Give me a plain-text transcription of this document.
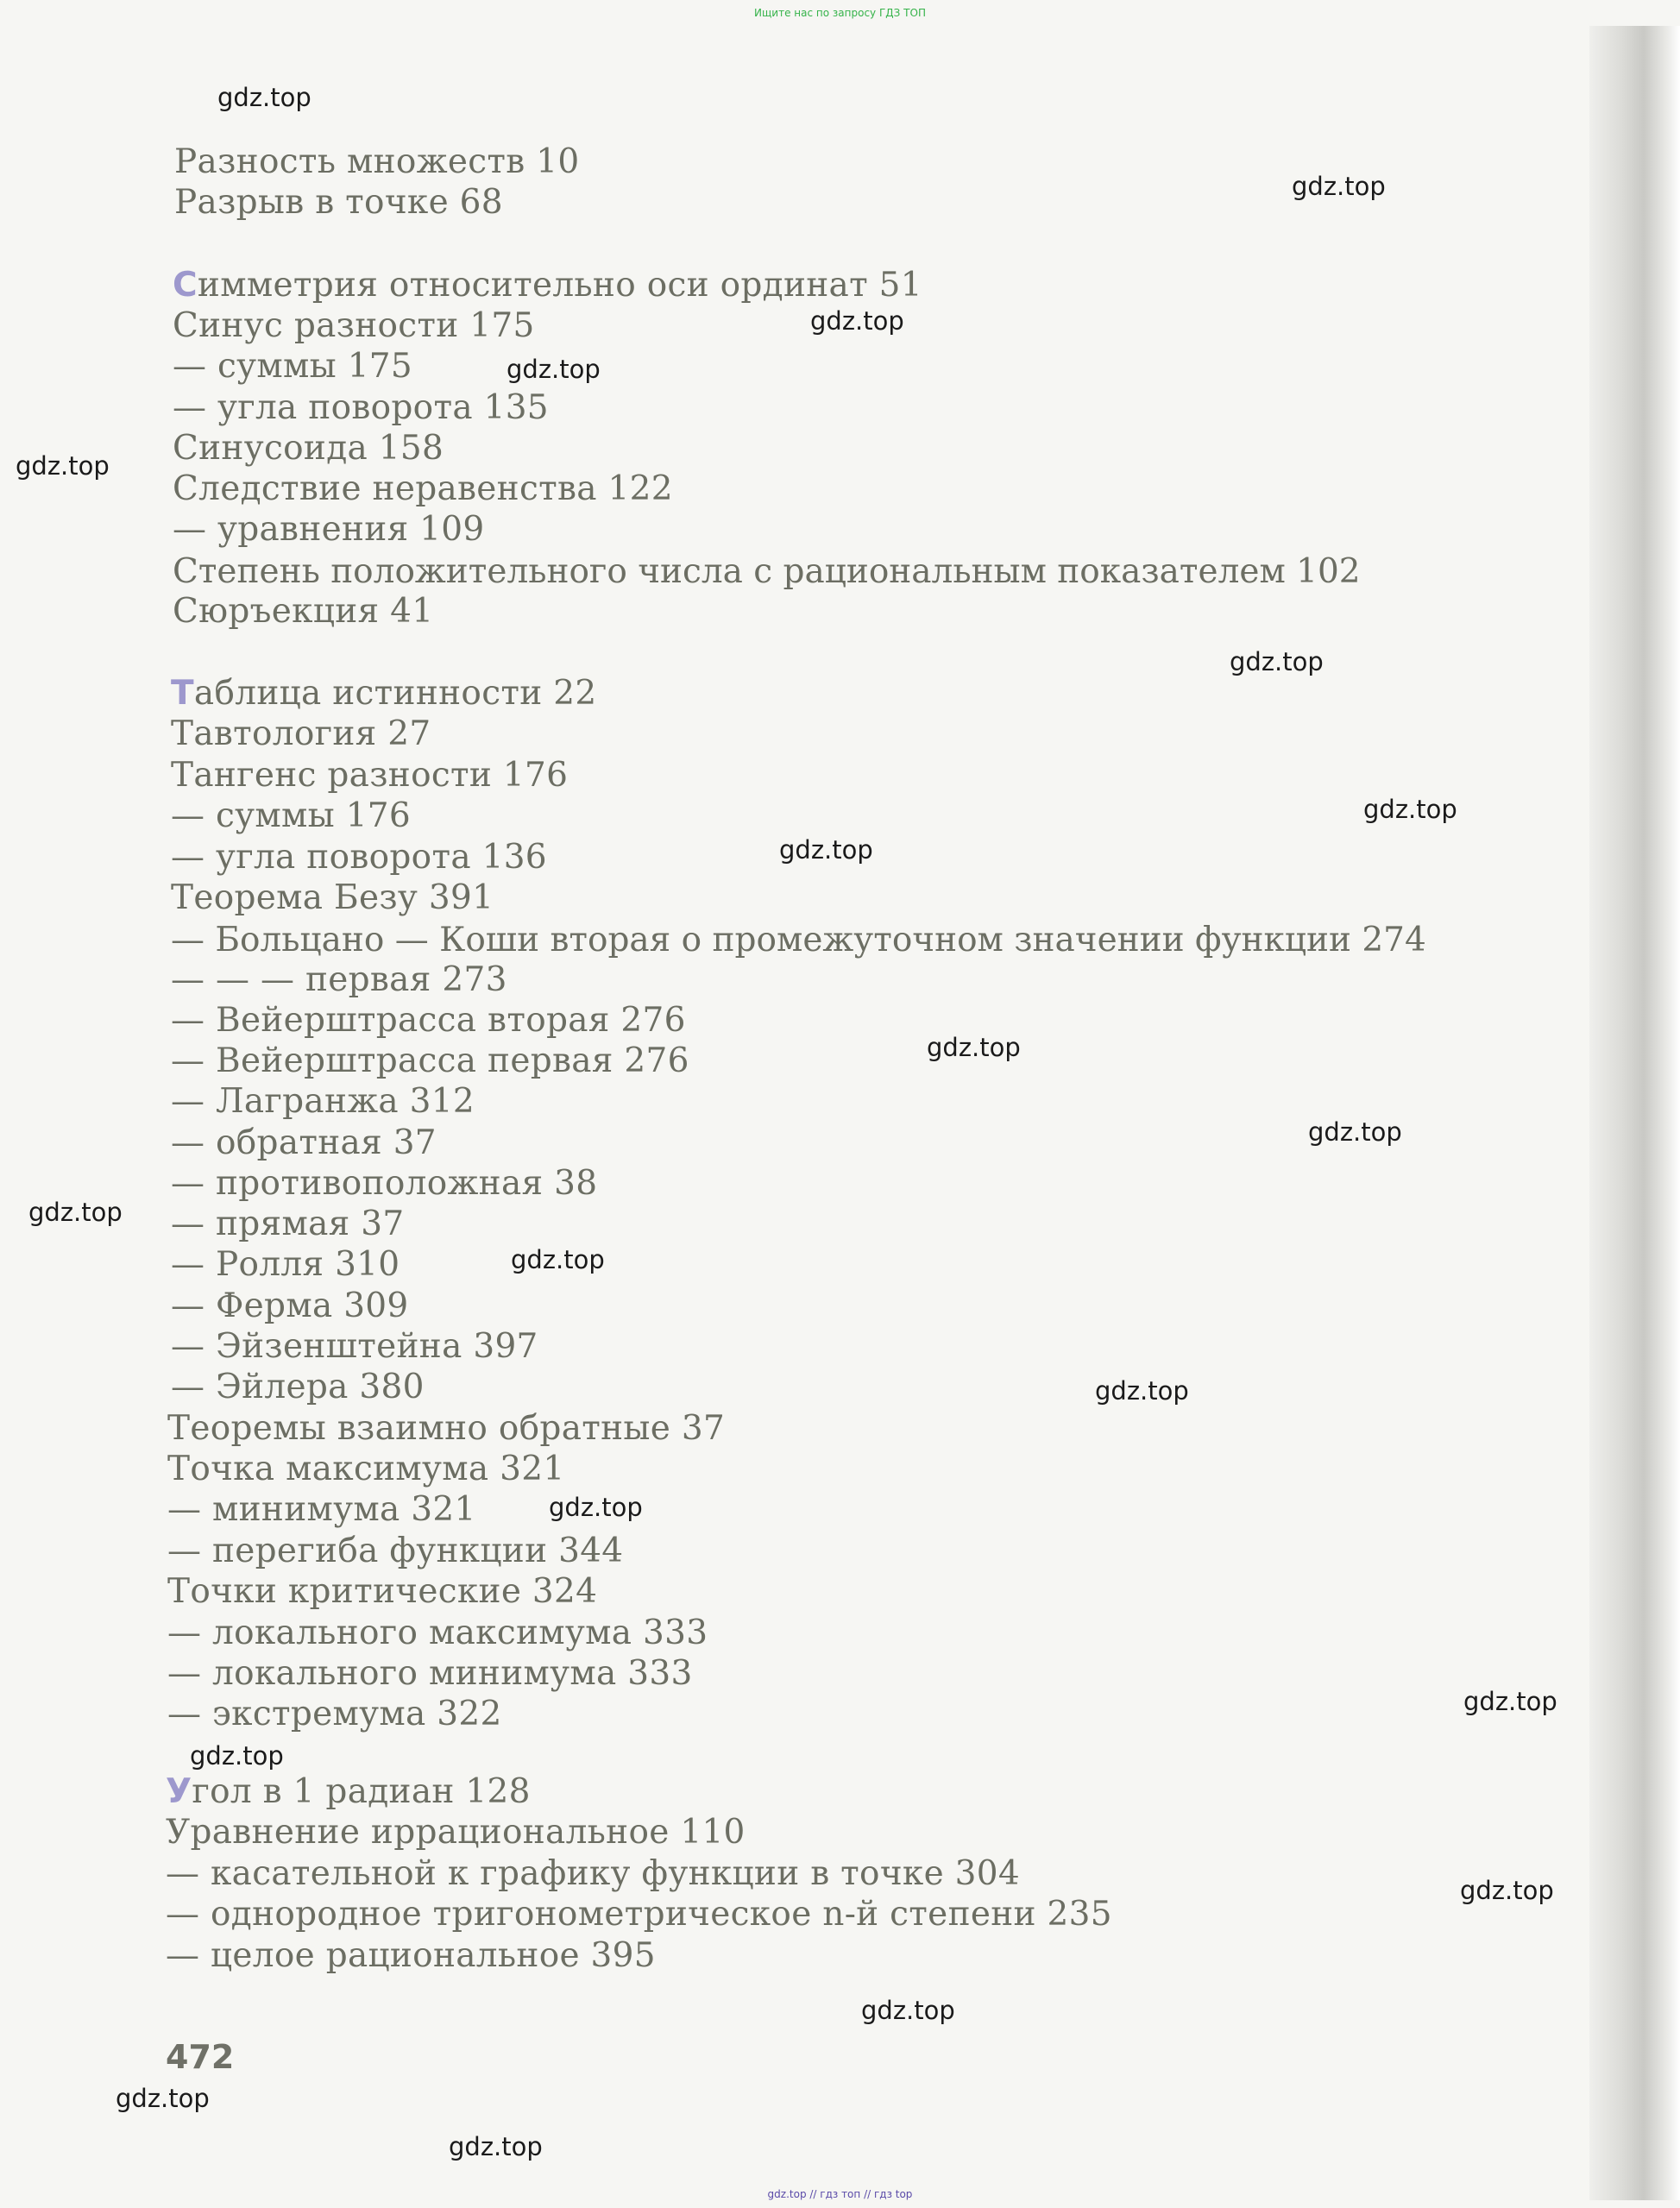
Ищите нас по запросу ГДЗ ТОП
Разность множеств 10
Разрыв в точке 68
Симметрия относительно оси ординат 51
Синус разности 175
— суммы 175
— угла поворота 135
Синусоида 158
Следствие неравенства 122
— уравнения 109
Степень положительного числа с рациональным показателем 102
Сюръекция 41
Таблица истинности 22
Тавтология 27
Тангенс разности 176
— суммы 176
— угла поворота 136
Теорема Безу 391
— Больцано — Коши вторая о промежуточном значении функции 274
— — — первая 273
— Вейерштрасса вторая 276
— Вейерштрасса первая 276
— Лагранжа 312
— обратная 37
— противоположная 38
— прямая 37
— Ролля 310
— Ферма 309
— Эйзенштейна 397
— Эйлера 380
Теоремы взаимно обратные 37
Точка максимума 321
— минимума 321
— перегиба функции 344
Точки критические 324
— локального максимума 333
— локального минимума 333
— экстремума 322
Угол в 1 радиан 128
Уравнение иррациональное 110
— касательной к графику функции в точке 304
— однородное тригонометрическое n-й степени 235
— целое рациональное 395
472
gdz.top
gdz.top
gdz.top
gdz.top
gdz.top
gdz.top
gdz.top
gdz.top
gdz.top
gdz.top
gdz.top
gdz.top
gdz.top
gdz.top
gdz.top
gdz.top
gdz.top
gdz.top
gdz.top
gdz.top
gdz.top // гдз топ // гдз top
